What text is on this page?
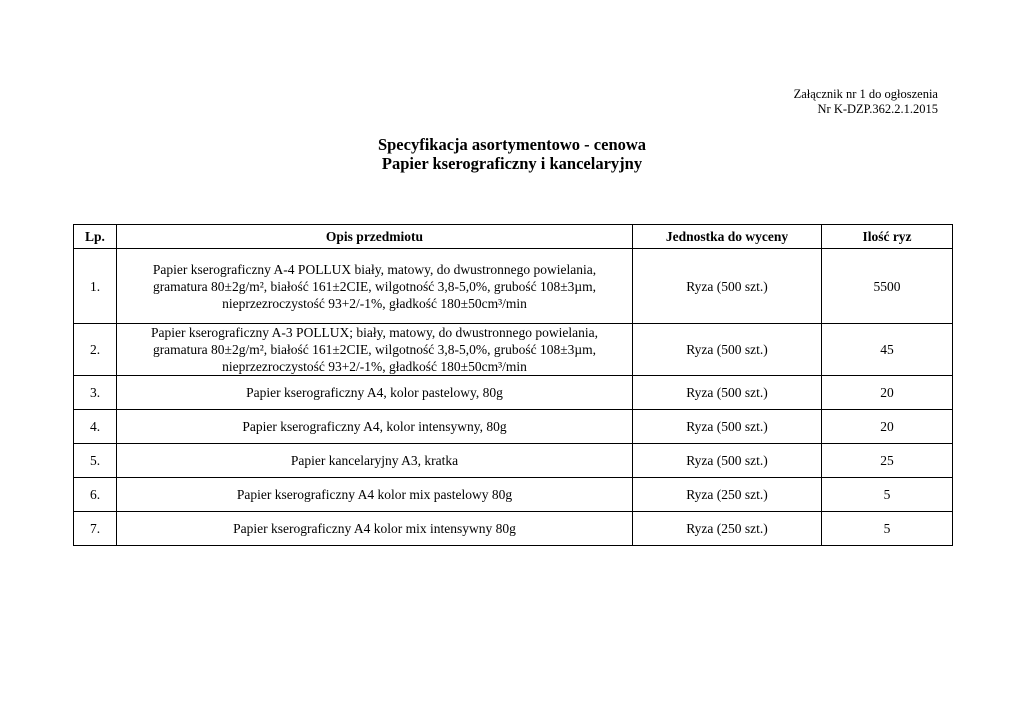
Załącznik nr 1 do ogłoszenia
Nr K-DZP.362.2.1.2015
Specyfikacja asortymentowo - cenowa
Papier kserograficzny i kancelaryjny
Lp.	Opis przedmiotu	Jednostka do wyceny	Ilość ryz
1.	Papier kserograficzny A-4 POLLUX biały, matowy, do dwustronnego powielania,
gramatura 80±2g/m², białość 161±2CIE, wilgotność 3,8-5,0%, grubość 108±3µm,
nieprzezroczystość 93+2/-1%, gładkość 180±50cm³/min	Ryza (500 szt.)	5500
2.	Papier kserograficzny A-3 POLLUX; biały, matowy, do dwustronnego powielania,
gramatura 80±2g/m², białość 161±2CIE, wilgotność 3,8-5,0%, grubość 108±3µm,
nieprzezroczystość 93+2/-1%, gładkość 180±50cm³/min	Ryza (500 szt.)	45
3.	Papier kserograficzny A4, kolor pastelowy, 80g	Ryza (500 szt.)	20
4.	Papier kserograficzny A4, kolor intensywny, 80g	Ryza (500 szt.)	20
5.	Papier kancelaryjny A3, kratka	Ryza (500 szt.)	25
6.	Papier kserograficzny A4 kolor mix pastelowy 80g	Ryza (250 szt.)	5
7.	Papier kserograficzny A4 kolor mix intensywny 80g	Ryza (250 szt.)	5
